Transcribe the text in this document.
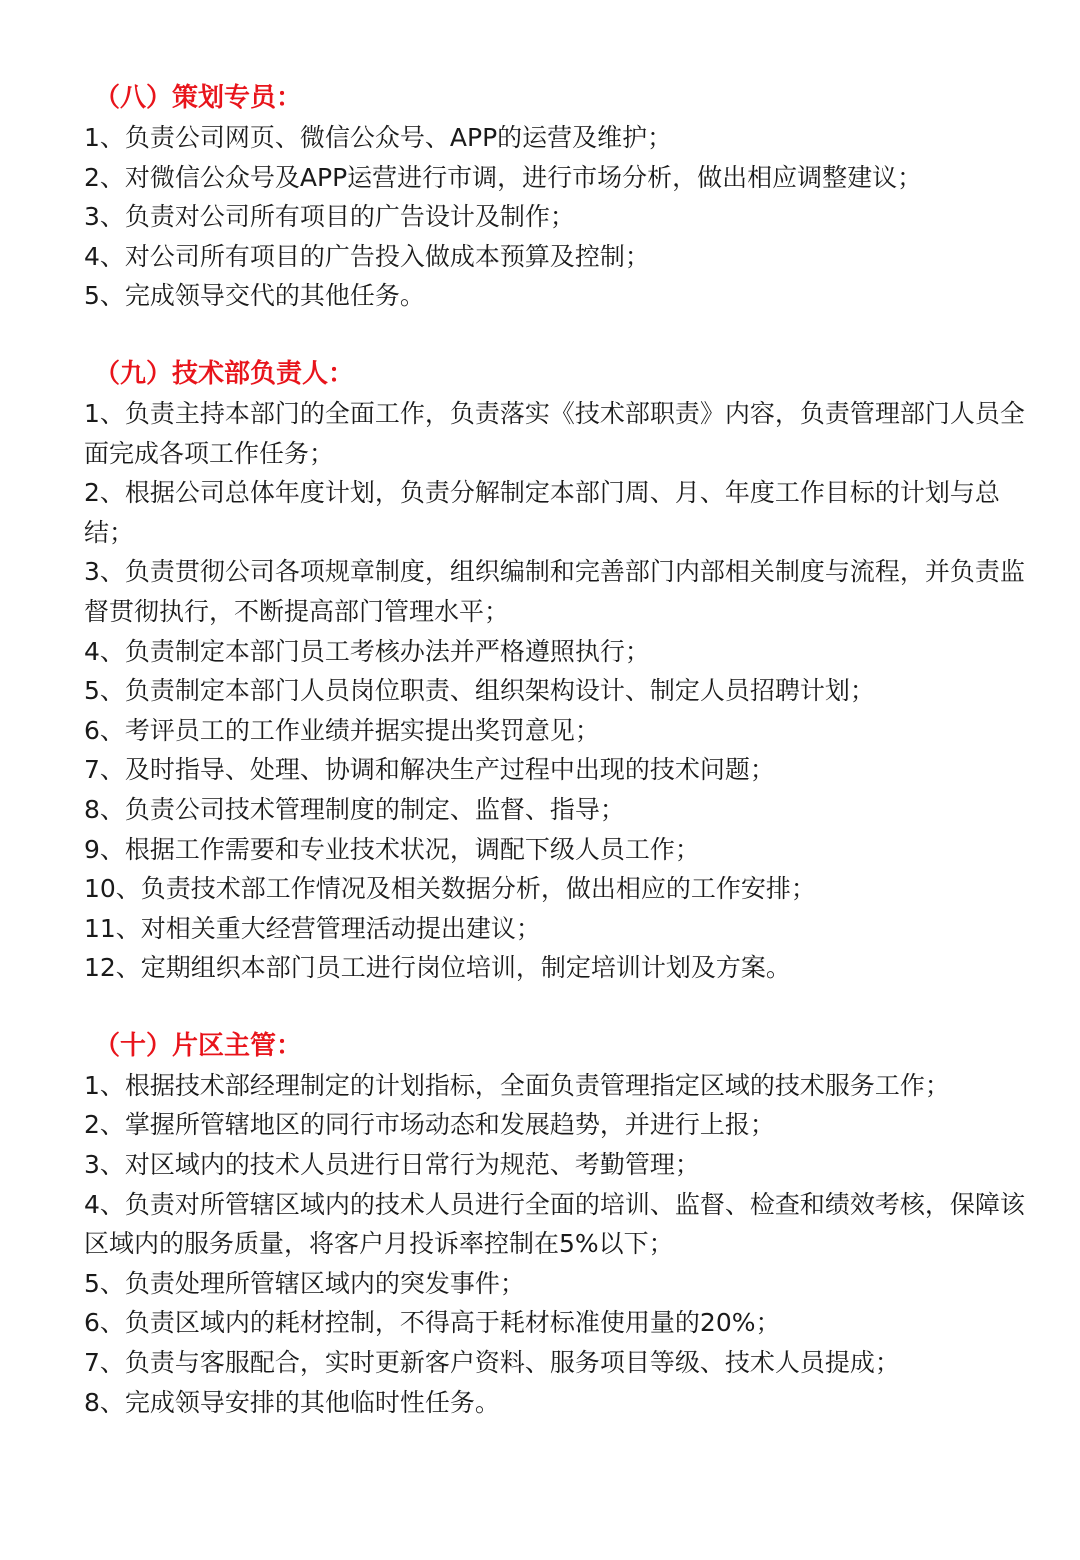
（八）策划专员：
1、负责公司网页、微信公众号、APP的运营及维护；
2、对微信公众号及APP运营进行市调，进行市场分析，做出相应调整建议；
3、负责对公司所有项目的广告设计及制作；
4、对公司所有项目的广告投入做成本预算及控制；
5、完成领导交代的其他任务。
（九）技术部负责人：
1、负责主持本部门的全面工作，负责落实《技术部职责》内容，负责管理部门人员全面完成各项工作任务；
2、根据公司总体年度计划，负责分解制定本部门周、月、年度工作目标的计划与总结；
3、负责贯彻公司各项规章制度，组织编制和完善部门内部相关制度与流程，并负责监督贯彻执行，不断提高部门管理水平；
4、负责制定本部门员工考核办法并严格遵照执行；
5、负责制定本部门人员岗位职责、组织架构设计、制定人员招聘计划；
6、考评员工的工作业绩并据实提出奖罚意见；
7、及时指导、处理、协调和解决生产过程中出现的技术问题；
8、负责公司技术管理制度的制定、监督、指导；
9、根据工作需要和专业技术状况，调配下级人员工作；
10、负责技术部工作情况及相关数据分析，做出相应的工作安排；
11、对相关重大经营管理活动提出建议；
12、定期组织本部门员工进行岗位培训，制定培训计划及方案。
（十）片区主管：
1、根据技术部经理制定的计划指标，全面负责管理指定区域的技术服务工作；
2、掌握所管辖地区的同行市场动态和发展趋势，并进行上报；
3、对区域内的技术人员进行日常行为规范、考勤管理；
4、负责对所管辖区域内的技术人员进行全面的培训、监督、检查和绩效考核，保障该区域内的服务质量，将客户月投诉率控制在5%以下；
5、负责处理所管辖区域内的突发事件；
6、负责区域内的耗材控制，不得高于耗材标准使用量的20%；
7、负责与客服配合，实时更新客户资料、服务项目等级、技术人员提成；
8、完成领导安排的其他临时性任务。
